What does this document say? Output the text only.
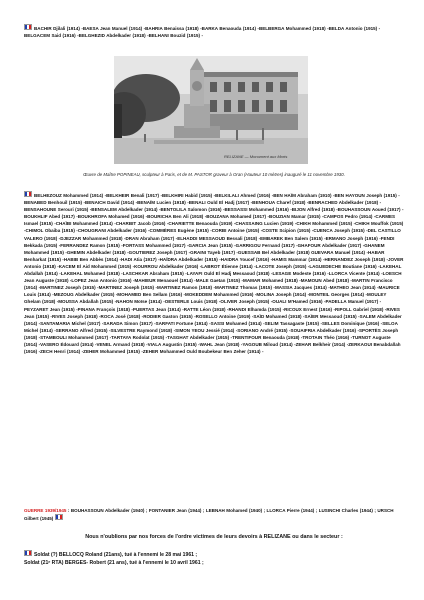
BACHIR Djilali (1914) -BAESA Jean Manuel (1914) -BAHRIA Benaissa (1918) -BARKA Benaouda (1914) -BELBERGA Mohammed (1918) -BELDA Antonio (1915) -BELGACEM Said (1916) -BELGHEZID Abdelkader (1918) -BELHANI Bouzid (1915) -
RELIZANE — Monument aux Morts
Œuvre de Maître POPINEAU, sculpteur à Paris, et de M. PASTOR graveur à Oran (Hauteur 10 mètres) inauguré le 11 novembre 1930.
BELHEZOUZ Mohammed (1914) -BELKHEIR Benali (1917) -BELKHIRI Habid (1915) -BELKILALI Ahmed (1916) -BEN HAÏM Abraham (1910) -BEN HAYOUN Joseph (1915) -BENABED Benhouil (1915) -BENAICH David (1914) -BENAÏM Lucien (1918) -BENALI Ould El Hadj (1917) -BENHOUA Charef (1918) -BENRACHED Abdelkader (1918) -BENSAHOUNE Serouri (1915) -BENSALEM Abdelkader (1914) -BENTOLILA Salomon (1916) -BESSASSI Mohammed (1916) -BIJON Alfred (1918) -BOUHASSOUN Aoued (1917) -BOUKHLIF Abed (1917) -BOUKHROFA Mohamed (1916) -BOURICHA Ben Ali (1918) -BOUZANA Mohamed (1917) -BOUZIAN Mamar (1915) -CAMPOS Pedro (1914) -CARMES Ismael (1915) -CHAÏBI Mohammed (1914) -CHARBIT Jacob (1916) -CHARIETTE Benaouda (1919) -CHASSAING Lucien (1919) -CHIKH Mohammed (1915) -CHIKH Mouffok (1915) -CHIMOL Obaiba (1915) -CHOUGRANI Abdelkader (1916) -COMMÈRES Eugène (1915) -CORBI Antoine (1915) -COSTE Scipion (1915) -CUENCA Joseph (1915) -DEL CASTILLO VALERO (1918) -DJEZZAR Mohammed (1918) -DRAN Abraham (1917) -ELHADDI MESSAOUD Bessali (1918) -EMBAREK Ben Salem (1915) -ERMANO Joseph (1916) -FENDI Bekkada (1915) -FERRANDEZ Ramon (1915) -FORTASS Mohammed (1917) -GARCIA Jean (1915) -GARRIGOU Fernand (1917) -GHAFOUR Abdelkader (1917) -GHANEM Mohammed (1915) -GHEMIN Abdelkader (1918) -GOUTIEREZ Joseph (1917) -GRAINI Tayeb (1917) -GUESSAB Bel Abdelkader (1918) GUEVARA Manuel (1914) -HABAR Benharkat (1915) -HABIB Ben Abbès (1914) -HADI Atia (1917) -HAÏDRA Abdelkader (1915) -HAIDRA Youcef (1916) -HAMIS Mammar (1914) -HERNANDEZ Joseph (1918) -JOVER Antonio (1918) -KACEM El Aid Mohammed (1915) -KOURROU Abdelkader (1916) -LABROT Étienne (1914) -LACOTE Joseph (1915) -LAGUEDECHE Boutiane (1916) -LAKEHAL Abdallah (1914) -LAKEHAL Mohamed (1918) -LASCHKAR Abraham (1915) -LAYAFI Ould El Hadj Messaoud (1918) -LESAGE Modeste (1916) -LLORCA Vicente (1914) -LOESCH Jean Auguste (1918) -LOPEZ Jean Antonio (1916) -MAHIEUR Menaouel (1914) -MALE Gaetan (1915) -MAMAR Mohamed (1918) -MAMOUN Abed (1918) -MARTIN Francisco (1914) -MARTINEZ Joseph (1915) -MARTINEZ Joseph (1915) -MARTINEZ Ramon (1918) -MARTINEZ Thomas (1915) -MASSIA Jacques (1914) -MATHEO Jean (1914) -MAURICE Louis (1914) -MEZOUG Abdelkader (1915) -MOHAMED Ben Sellam (1916) -MOKEDDEM Mohammed (1916) -MOLINA Joseph (1914) -MONTEIL Georges (1914) -MOULEY Ghelam (1918) -MOUSSA Abdallah (1915) -NAHON Moïse (1914) -OESTERLE Louis (1918) -OLIVER Joseph (1915) -OUALI M'Hamed (1916) -PADELLA Manuel (1917) -PEYZARET Jean (1915) -PINANA François (1918) -PUERTAS Jean (1914) -RATTE Léon (1918) -RHANDI Elhamda (1915) -RICOUX Ernest (1916) -RIPOLL Gabriel (1918) -RIVES Jean (1915) -RIVES Joseph (1918) -ROCA José (1918) -RODIER Gaston (1915) -ROSELLO Antoine (1919) -SAÏD Mohamed (1918) -SAÏER Messaoud (1915) -SALEM Abdelkader (1914) -SANTAMARIA Michel (1917) -SARADA Simon (1917) -SARFATI Fortune (1914) -SASSI Mohamed (1914) -SELIM Tassagaste (1915) -SELLES Dominique (1916) -SELOA Michel (1914) -SERRANO Alfred (1915) -SILVESTRE Raymond (1918) -SIMON YEOU Jessié (1914) -SORIANO André (1915) -SOUAIFRIA Abdelkader (1916) -SPORTÈS Joseph (1918) -STAMBOULI Mohammed (1917) -TARTAYA Rodolat (1915) -TASGHAT Abdelkader (1915) -TRENTIFOUR Benaouda (1918) -TROTAIN Théo (1916) -TURNOT Auguste (1914) -VASERO Édouard (1914) -VENEL Armand (1918) -VIALA Augustin (1915) -WAHL Jean (1918) -YAGOUB Miloud (1914) -ZEHAR Belkheir (1914) -ZERKAOUI Benabdallah (1916) -ZECH Henri (1914) -ZEHER Mohammed (1915) -ZEHER Mohammed Ould Boubekeur Ben Zeher (1914) -
GUERRE 1939/1945 : BOUHASSOUN Abdelkader (1940) ; FONTANIER Jean (1944) ; LEBNAH Mohamed (1940) ; LLORCA Pierre (1944) ; LUSINCHI Charles (1944) ; URSCH Gilbert (1945)
Nous n'oublions par nos forces de l'ordre victimes de leurs devoirs à RELIZANE ou dans le secteur :
Soldat (?) BELLOCQ Roland (21ans), tué à l'ennemi le 28 mai 1961 ;
Soldat (21ᵉ RTA) BERGES- Robert (21 ans), tué à l'ennemi le 10 avril 1961 ;
